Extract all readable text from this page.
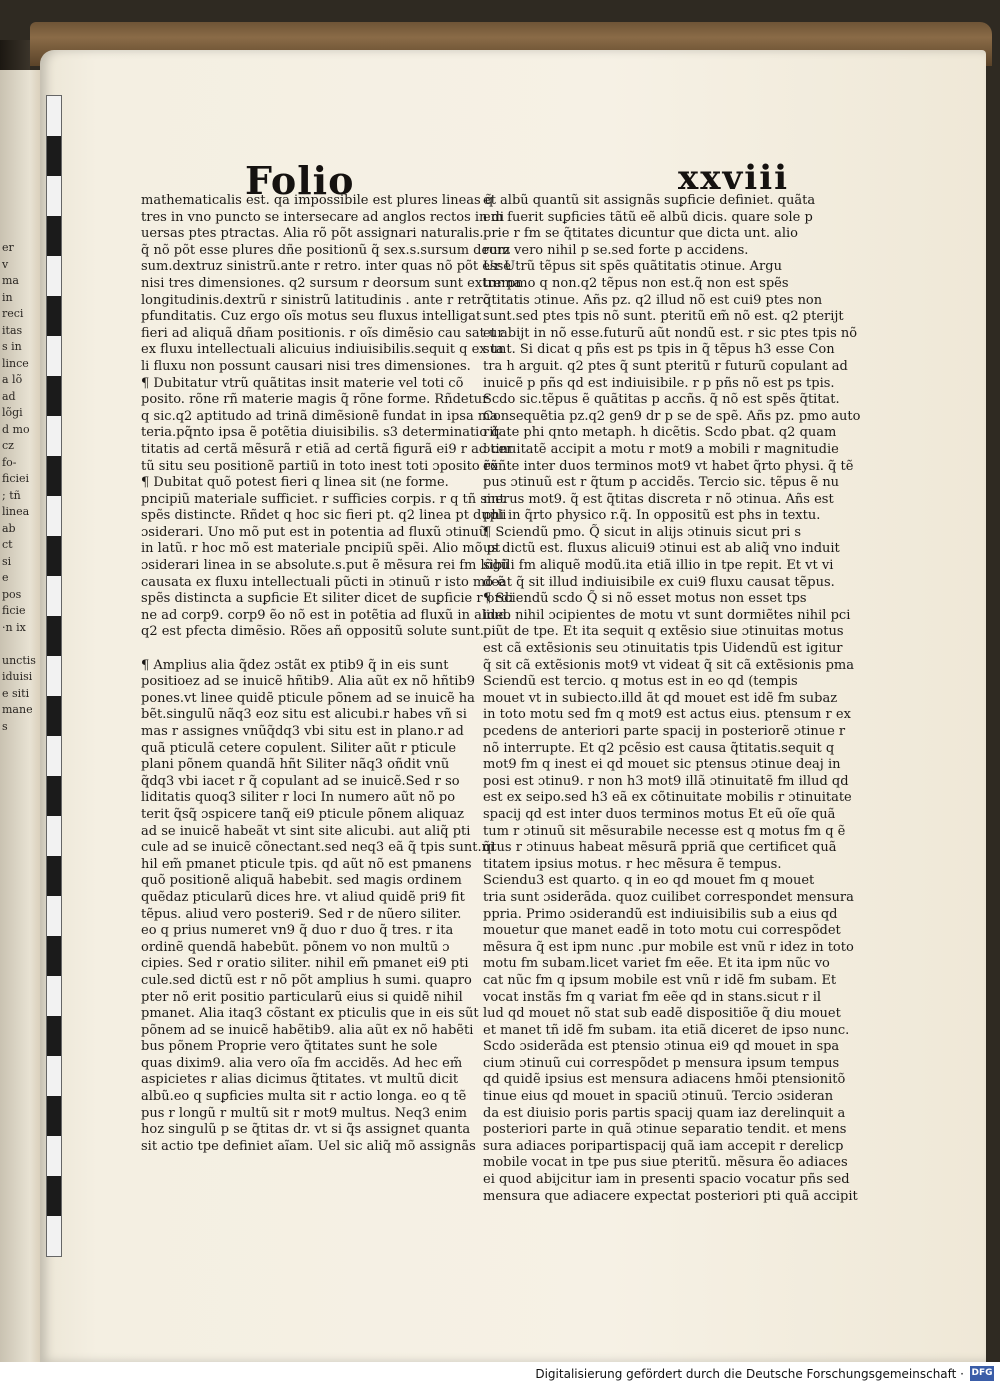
er
v
ma
in
reci
itas
s in
lince
a lõ
ad
lõgi
d mo
cz
fo-
ficiei
; tñ
linea
ab
ct
si
e
pos
ficie
·n ix

unctis
iduisi
e siti
mane
s
Folio	xxviii
mathematicalis est. qa impossibile est plures lineas q̃
tres in vno puncto se intersecare ad anglos rectos in di
uersas ptes ptractas. Alia rõ põt assignari naturalis.
q̃ nõ põt esse plures dñe positionũ q̃ sex.s.sursum deorz
sum.dextruz sinistrũ.ante r retro. inter quas nõ põt esse
nisi tres dimensiones. q2 sursum r deorsum sunt extrema
longitudinis.dextrũ r sinistrũ latitudinis . ante r retro
pfunditatis. Cuz ergo oĩs motus seu fluxus intelligat
fieri ad aliquã dñam positionis. r oĩs dimẽsio cau sat ur
ex fluxu intellectuali alicuius indiuisibilis.sequit q ex ta
li fluxu non possunt causari nisi tres dimensiones.
¶ Dubitatur vtrũ quãtitas insit materie vel toti cõ
posito. rõne rñ materie magis q̃ rõne forme. Rñdetur
q sic.q2 aptitudo ad trinã dimẽsionẽ fundat in ipsa ma
teria.pq̃nto ipsa ẽ potẽtia diuisibilis. s3 determinatio q̃
titatis ad certã mẽsurã r etiã ad certã figurã ei9 r ad cer
tũ situ seu positionẽ partiũ in toto inest toti ɔposito rõ
¶ Dubitat quõ potest fieri q linea sit (ne forme.
pncipiũ materiale sufficiet. r sufficies corpis. r q tñ sint
spẽs distincte. Rñdet q hoc sic fieri pt. q2 linea pt dupli
ɔsiderari. Uno mõ put est in potentia ad fluxũ ɔtinuũ
in latũ. r hoc mõ est materiale pncipiũ spẽi. Alio mõ pt
ɔsiderari linea in se absolute.s.put ẽ mẽsura rei fm lõgũ
causata ex fluxu intellectuali pũcti in ɔtinuũ r isto mõ ẽ
spẽs distincta a suꝑficie Et siliter dicet de suꝑficie r ordi
ne ad corp9. corp9 ẽo nõ est in potẽtia ad fluxũ in aliud.
q2 est pfecta dimẽsio. Rões añ oppositũ solute sunt.

¶ Amplius alia q̃dez ɔstãt ex ptib9 q̃ in eis sunt
positioez ad se inuicẽ hñtib9. Alia aũt ex nõ hñtib9
pones.vt linee quidẽ pticule põnem ad se inuicẽ ha
bẽt.singulũ nãq3 eoz situ est alicubi.r habes vñ si
mas r assignes vnũq̃dq3 vbi situ est in plano.r ad
quã pticulã cetere copulent. Siliter aũt r pticule
plani põnem quandã hñt Siliter nãq3 oñdit vnũ
q̃dq3 vbi iacet r q̃ copulant ad se inuicẽ.Sed r so
liditatis quoq3 siliter r loci In numero aũt nõ po
terit q̃sq̃ ɔspicere tanq̃ ei9 pticule põnem aliquaz
ad se inuicẽ habeãt vt sint site alicubi. aut aliq̃ pti
cule ad se inuicẽ cõnectant.sed neq3 eã q̃ tpis sunt.ni
hil em̃ pmanet pticule tpis. qd aũt nõ est pmanens
quõ positionẽ aliquã habebit. sed magis ordinem
quẽdaz pticularũ dices hre. vt aliud quidẽ pri9 fit
tẽpus. aliud vero posteri9. Sed r de nũero siliter.
eo q prius numeret vn9 q̃ duo r duo q̃ tres. r ita
ordinẽ quendã habebũt. põnem vo non multũ ɔ
cipies. Sed r oratio siliter. nihil em̃ pmanet ei9 pti
cule.sed dictũ est r nõ põt amplius h sumi. quapro
pter nõ erit positio particularũ eius si quidẽ nihil
pmanet. Alia itaq3 cõstant ex pticulis que in eis sũt
põnem ad se inuicẽ habẽtib9. alia aũt ex nõ habẽti
bus põnem Proprie vero q̃titates sunt he sole
quas dixim9. alia vero oĩa fm accidẽs. Ad hec em̃
aspicietes r alias dicimus q̃titates. vt multũ dicit
albũ.eo q suꝑficies multa sit r actio longa. eo q tẽ
pus r longũ r multũ sit r mot9 multus. Neq3 enim
hoz singulũ p se q̃titas dr. vt si q̃s assignet quanta
sit actio tpe definiet aĩam. Uel sic aliq̃ mõ assignãs
et albũ quantũ sit assignãs suꝑficie definiet. quãta
em fuerit suꝑficies tãtũ eẽ albũ dicis. quare sole p
prie r fm se q̃titates dicuntur que dicta unt. alio
rum vero nihil p se.sed forte p accidens.
Ur Utrũ tẽpus sit spẽs quãtitatis ɔtinue. Argu
tur pmo q non.q2 tẽpus non est.q̃ non est spẽs
q̃titatis ɔtinue. Añs pz. q2 illud nõ est cui9 ptes non
sunt.sed ptes tpis nõ sunt. pteritũ em̃ nõ est. q2 pterijt
et abijt in nõ esse.futurũ aũt nondũ est. r sic ptes tpis nõ
sunt. Si dicat q pñs est ps tpis in q̃ tẽpus h3 esse Con
tra h arguit. q2 ptes q̃ sunt pteritũ r futurũ copulant ad
inuicẽ p pñs qd est indiuisibile. r p pñs nõ est ps tpis.
Scdo sic.tẽpus ẽ quãtitas p accñs. q̃ nõ est spẽs q̃titat.
Consequẽtia pz.q2 gen9 dr p se de spẽ. Añs pz. pmo auto
ritate phi qnto metaph. h dicẽtis. Scdo pbat. q2 quam
ɔtinuitatẽ accipit a motu r mot9 a mobili r magnitudie
ẽxñte inter duos terminos mot9 vt habet q̃rto physi. q̃ tẽ
pus ɔtinuũ est r q̃tum p accidẽs. Tercio sic. tẽpus ẽ nu
merus mot9. q̃ est q̃titas discreta r nõ ɔtinua. Añs est
phi in q̃rto physico r.q̃. In oppositũ est phs in textu.
¶ Sciendũ pmo. Q̃ sicut in alijs ɔtinuis sicut pri s
us dictũ est. fluxus alicui9 ɔtinui est ab aliq̃ vno induit
sibili fm aliquẽ modũ.ita etiã illio in tpe repit. Et vt vi
deat q̃ sit illud indiuisibile ex cui9 fluxu causat tẽpus.
¶ Sciendũ scdo Q̃ si nõ esset motus non esset tps
ideo nihil ɔcipientes de motu vt sunt dormiẽtes nihil pci
piũt de tpe. Et ita sequit q extẽsio siue ɔtinuitas motus
est cã extẽsionis seu ɔtinuitatis tpis Uidendũ est igitur
q̃ sit cã extẽsionis mot9 vt videat q̃ sit cã extẽsionis pma
Sciendũ est tercio. q motus est in eo qd (tempis
mouet vt in subiecto.illd ãt qd mouet est idẽ fm subaz
in toto motu sed fm q mot9 est actus eius. ptensum r ex
pcedens de anteriori parte spacij in posteriorẽ ɔtinue r
nõ interrupte. Et q2 pcẽsio est causa q̃titatis.sequit q
mot9 fm q inest ei qd mouet sic ptensus ɔtinue deaj in
posi est ɔtinu9. r non h3 mot9 illã ɔtinuitatẽ fm illud qd
est ex seipo.sed h3 eã ex cõtinuitate mobilis r ɔtinuitate
spacij qd est inter duos terminos motus Et eũ oĩe quã
tum r ɔtinuũ sit mẽsurabile necesse est q motus fm q ẽ
q̃tus r ɔtinuus habeat mẽsurã ppriã que certificet quã
titatem ipsius motus. r hec mẽsura ẽ tempus.
Sciendu3 est quarto. q in eo qd mouet fm q mouet
tria sunt ɔsiderãda. quoz cuilibet correspondet mensura
ppria. Primo ɔsiderandũ est indiuisibilis sub a eius qd
mouetur que manet eadẽ in toto motu cui correspõdet
mẽsura q̃ est ipm nunc .pur mobile est vnũ r idez in toto
motu fm subam.licet variet fm eẽe. Et ita ipm nũc vo
cat nũc fm q ipsum mobile est vnũ r idẽ fm subam. Et
vocat instãs fm q variat fm eẽe qd in stans.sicut r il
lud qd mouet nõ stat sub eadẽ dispositiõe q̃ diu mouet
et manet tñ idẽ fm subam. ita etiã diceret de ipso nunc.
Scdo ɔsiderãda est ptensio ɔtinua ei9 qd mouet in spa
cium ɔtinuũ cui correspõdet p mensura ipsum tempus
qd quidẽ ipsius est mensura adiacens hmõi ptensionitõ
tinue eius qd mouet in spaciũ ɔtinuũ. Tercio ɔsideran
da est diuisio poris partis spacij quam iaz derelinquit a
posteriori parte in quã ɔtinue separatio tendit. et mens
sura adiaces poripartispacij quã iam accepit r derelicp
mobile vocat in tpe pus siue pteritũ. mẽsura ẽo adiaces
ei quod abijcitur iam in presenti spacio vocatur pñs sed
mensura que adiacere expectat posteriori pti quã accipit
Digitalisierung gefördert durch die Deutsche Forschungsgemeinschaft · DFG
